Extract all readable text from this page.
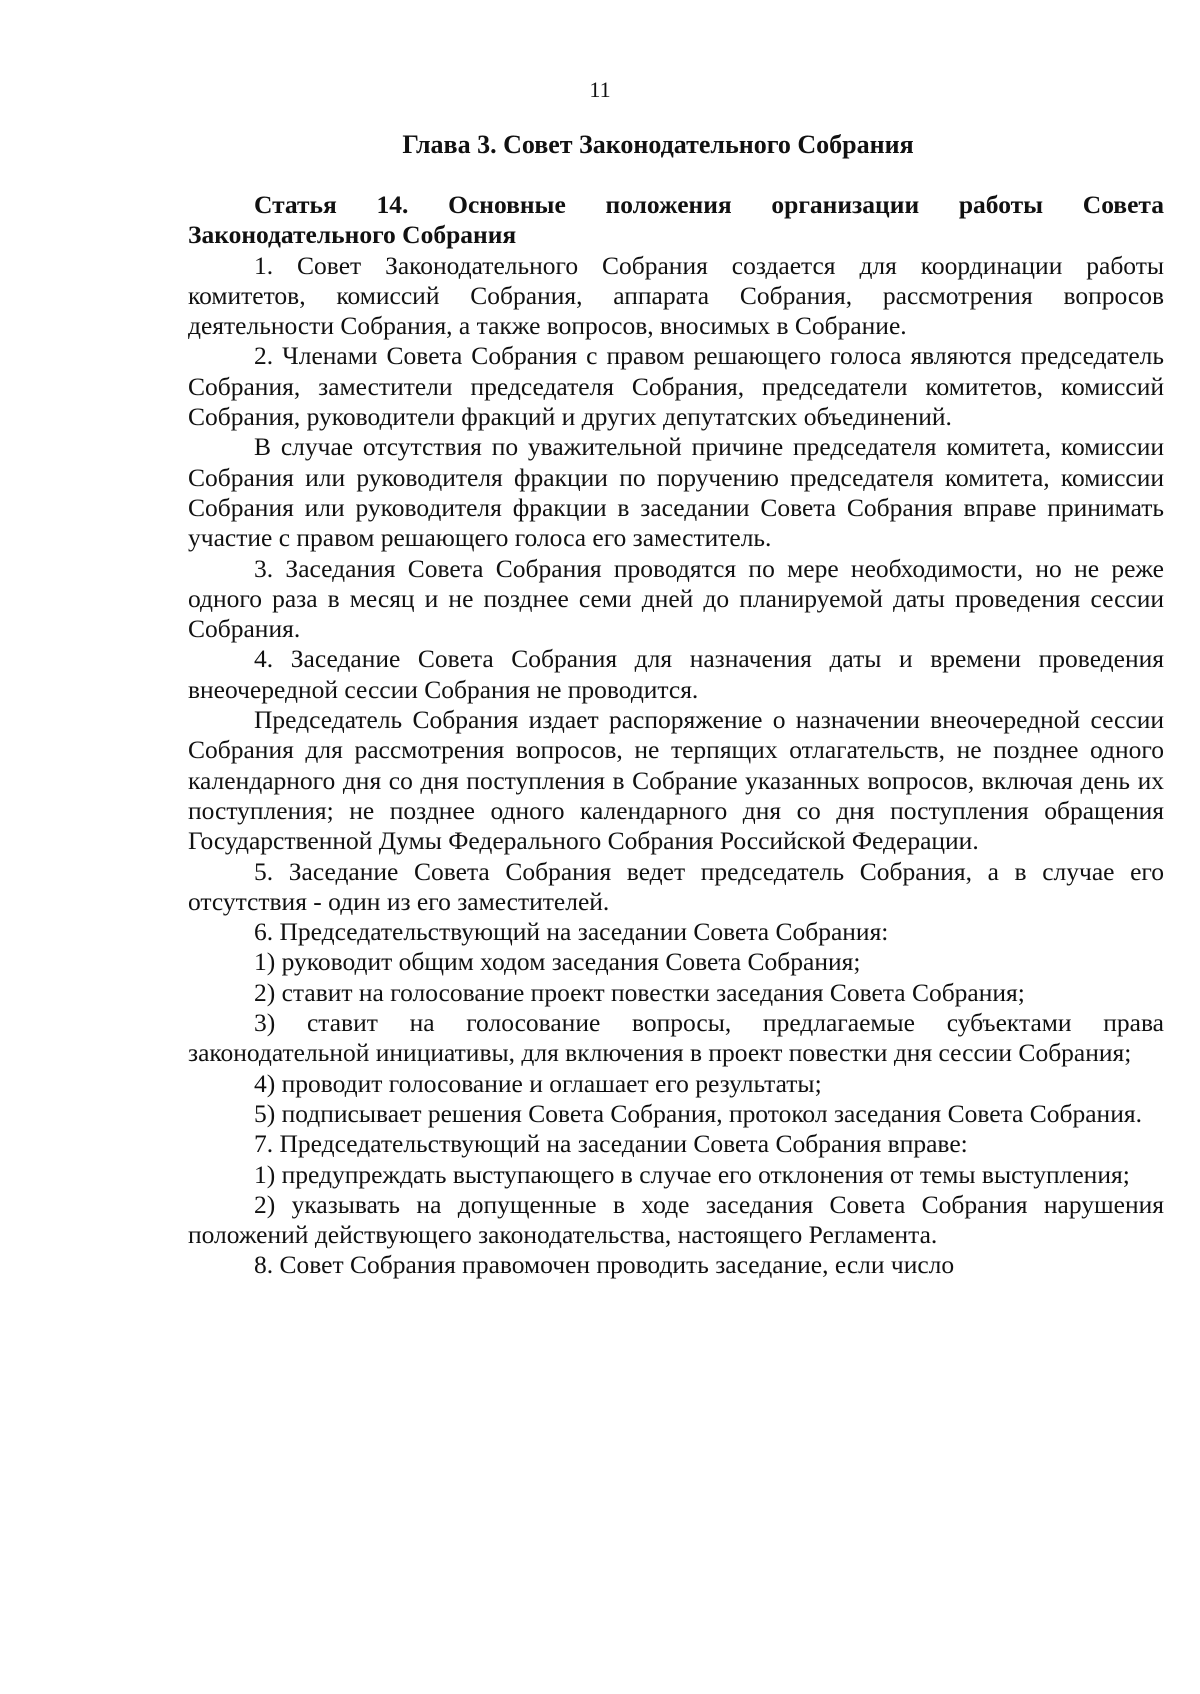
11
Глава 3. Совет Законодательного Собрания

Статья 14. Основные положения организации работы Совета Законодательного Собрания

1. Совет Законодательного Собрания создается для координации работы комитетов, комиссий Собрания, аппарата Собрания, рассмотрения вопросов деятельности Собрания, а также вопросов, вносимых в Собрание.

2. Членами Совета Собрания с правом решающего голоса являются председатель Собрания, заместители председателя Собрания, председатели комитетов, комиссий Собрания, руководители фракций и других депутатских объединений.

В случае отсутствия по уважительной причине председателя комитета, комиссии Собрания или руководителя фракции по поручению председателя комитета, комиссии Собрания или руководителя фракции в заседании Совета Собрания вправе принимать участие с правом решающего голоса его заместитель.

3. Заседания Совета Собрания проводятся по мере необходимости, но не реже одного раза в месяц и не позднее семи дней до планируемой даты проведения сессии Собрания.

4. Заседание Совета Собрания для назначения даты и времени проведения внеочередной сессии Собрания не проводится.

Председатель Собрания издает распоряжение о назначении внеочередной сессии Собрания для рассмотрения вопросов, не терпящих отлагательств, не позднее одного календарного дня со дня поступления в Собрание указанных вопросов, включая день их поступления; не позднее одного календарного дня со дня поступления обращения Государственной Думы Федерального Собрания Российской Федерации.

5. Заседание Совета Собрания ведет председатель Собрания, а в случае его отсутствия - один из его заместителей.

6. Председательствующий на заседании Совета Собрания:

1) руководит общим ходом заседания Совета Собрания;

2) ставит на голосование проект повестки заседания Совета Собрания;

3) ставит на голосование вопросы, предлагаемые субъектами права законодательной инициативы, для включения в проект повестки дня сессии Собрания;

4) проводит голосование и оглашает его результаты;

5) подписывает решения Совета Собрания, протокол заседания Совета Собрания.

7. Председательствующий на заседании Совета Собрания вправе:

1) предупреждать выступающего в случае его отклонения от темы выступления;

2) указывать на допущенные в ходе заседания Совета Собрания нарушения положений действующего законодательства, настоящего Регламента.

8. Совет Собрания правомочен проводить заседание, если число
